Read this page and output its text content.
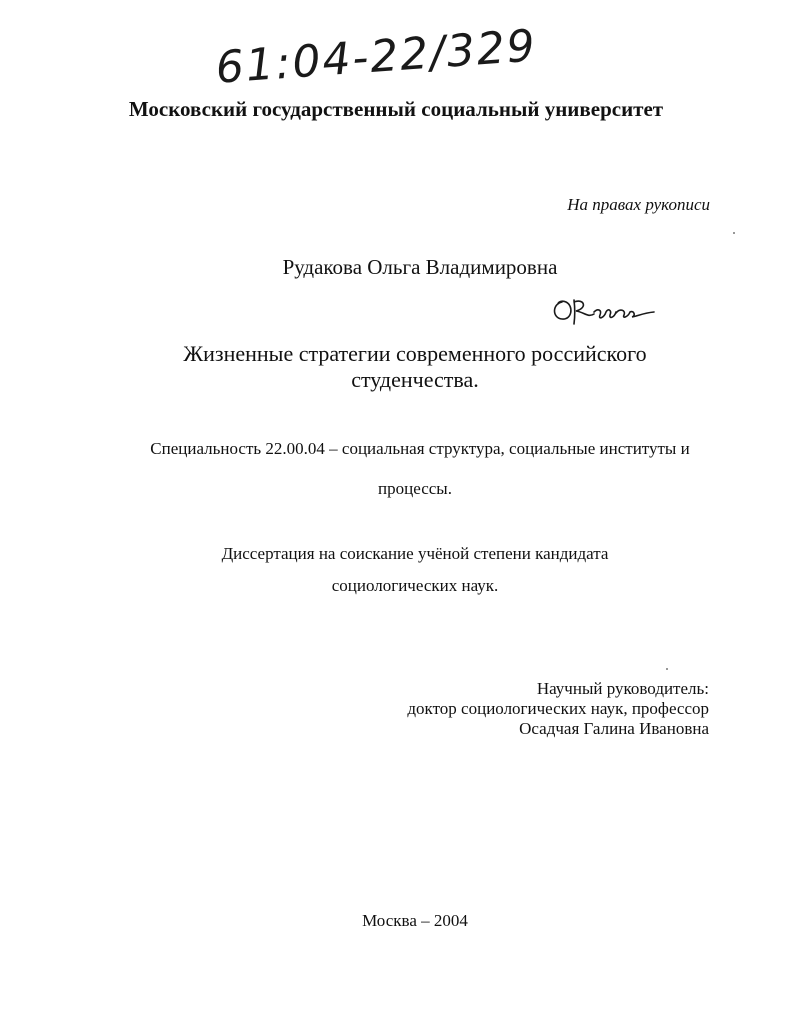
61:04-22/329
Московский государственный социальный университет
На правах рукописи
Рудакова Ольга Владимировна
ОРудак
Жизненные стратегии современного российского
студенчества.
Специальность 22.00.04 – социальная структура, социальные институты и
процессы.
Диссертация на соискание учёной степени кандидата
социологических наук.
Научный руководитель:
доктор социологических наук, профессор
Осадчая Галина Ивановна
Москва – 2004
